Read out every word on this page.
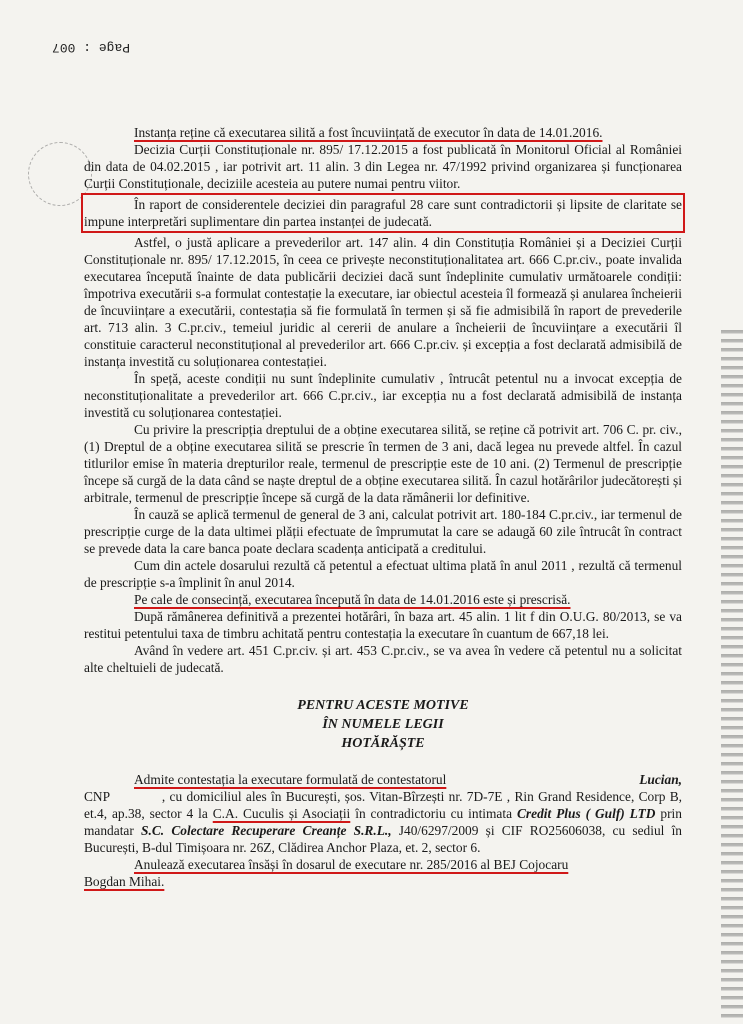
Page : 007

Instanța reține că executarea silită a fost încuviințată de executor în data de 14.01.2016.

Decizia Curții Constituționale nr. 895/ 17.12.2015 a fost publicată în Monitorul Oficial al României din data de 04.02.2015 , iar potrivit art. 11 alin. 3 din Legea nr. 47/1992 privind organizarea și funcționarea Curții Constituționale, deciziile acesteia au putere numai pentru viitor.

În raport de considerentele deciziei din paragraful 28 care sunt contradictorii și lipsite de claritate se impune interpretări suplimentare din partea instanței de judecată.

Astfel, o justă aplicare a prevederilor art. 147 alin. 4 din Constituția României și a Deciziei Curții Constituționale nr. 895/ 17.12.2015, în ceea ce privește neconstituționalitatea art. 666 C.pr.civ., poate invalida executarea începută înainte de data publicării deciziei dacă sunt îndeplinite cumulativ următoarele condiții: împotriva executării s-a formulat contestație la executare, iar obiectul acesteia îl formează și anularea încheierii de încuviințare a executării, contestația să fie formulată în termen și să fie admisibilă în raport de prevederile art. 713 alin. 3 C.pr.civ., temeiul juridic al cererii de anulare a încheierii de încuviințare a executării îl constituie caracterul neconstituțional al prevederilor art. 666 C.pr.civ. și excepția a fost declarată admisibilă de instanța investită cu soluționarea contestației.

În speță, aceste condiții nu sunt îndeplinite cumulativ , întrucât petentul nu a invocat excepția de neconstituționalitate a prevederilor art. 666 C.pr.civ., iar excepția nu a fost declarată admisibilă de instanța investită cu soluționarea contestației.

Cu privire la prescripția dreptului de a obține executarea silită, se reține că potrivit art. 706 C. pr. civ.,(1) Dreptul de a obține executarea silită se prescrie în termen de 3 ani, dacă legea nu prevede altfel. În cazul titlurilor emise în materia drepturilor reale, termenul de prescripție este de 10 ani. (2) Termenul de prescripție începe să curgă de la data când se naște dreptul de a obține executarea silită. În cazul hotărârilor judecătorești și arbitrale, termenul de prescripție începe să curgă de la data rămânerii lor definitive.

În cauză se aplică termenul de general de 3 ani, calculat potrivit art. 180-184 C.pr.civ., iar termenul de prescripție curge de la data ultimei plății efectuate de împrumutat la care se adaugă 60 zile întrucât în contract se prevede data la care banca poate declara scadența anticipată a creditului.

Cum din actele dosarului rezultă că petentul a efectuat ultima plată în anul 2011 , rezultă că termenul de prescripție s-a împlinit în anul 2014.

Pe cale de consecință, executarea începută în data de 14.01.2016 este și prescrisă.

După rămânerea definitivă a prezentei hotărâri, în baza art. 45 alin. 1 lit f din O.U.G. 80/2013, se va restitui petentului taxa de timbru achitată pentru contestația la executare în cuantum de 667,18 lei.

Având în vedere art. 451 C.pr.civ. și art. 453 C.pr.civ., se va avea în vedere că petentul nu a solicitat alte cheltuieli de judecată.

PENTRU ACESTE MOTIVE

ÎN NUMELE LEGII

HOTĂRĂȘTE

Admite contestația la executare formulată de contestatorul	Lucian,

CNP	, cu domiciliul ales în București, șos. Vitan-Bîrzești nr. 7D-7E , Rin Grand Residence, Corp B, et.4, ap.38, sector 4 la C.A. Cuculis și Asociații în contradictoriu cu intimata Credit Plus ( Gulf) LTD prin mandatar S.C. Colectare Recuperare Creanțe S.R.L., J40/6297/2009 și CIF RO25606038, cu sediul în București, B-dul Timișoara nr. 26Z, Clădirea Anchor Plaza, et. 2, sector 6.

Anulează executarea însăși în dosarul de executare nr. 285/2016 al BEJ Cojocaru

Bogdan Mihai.
